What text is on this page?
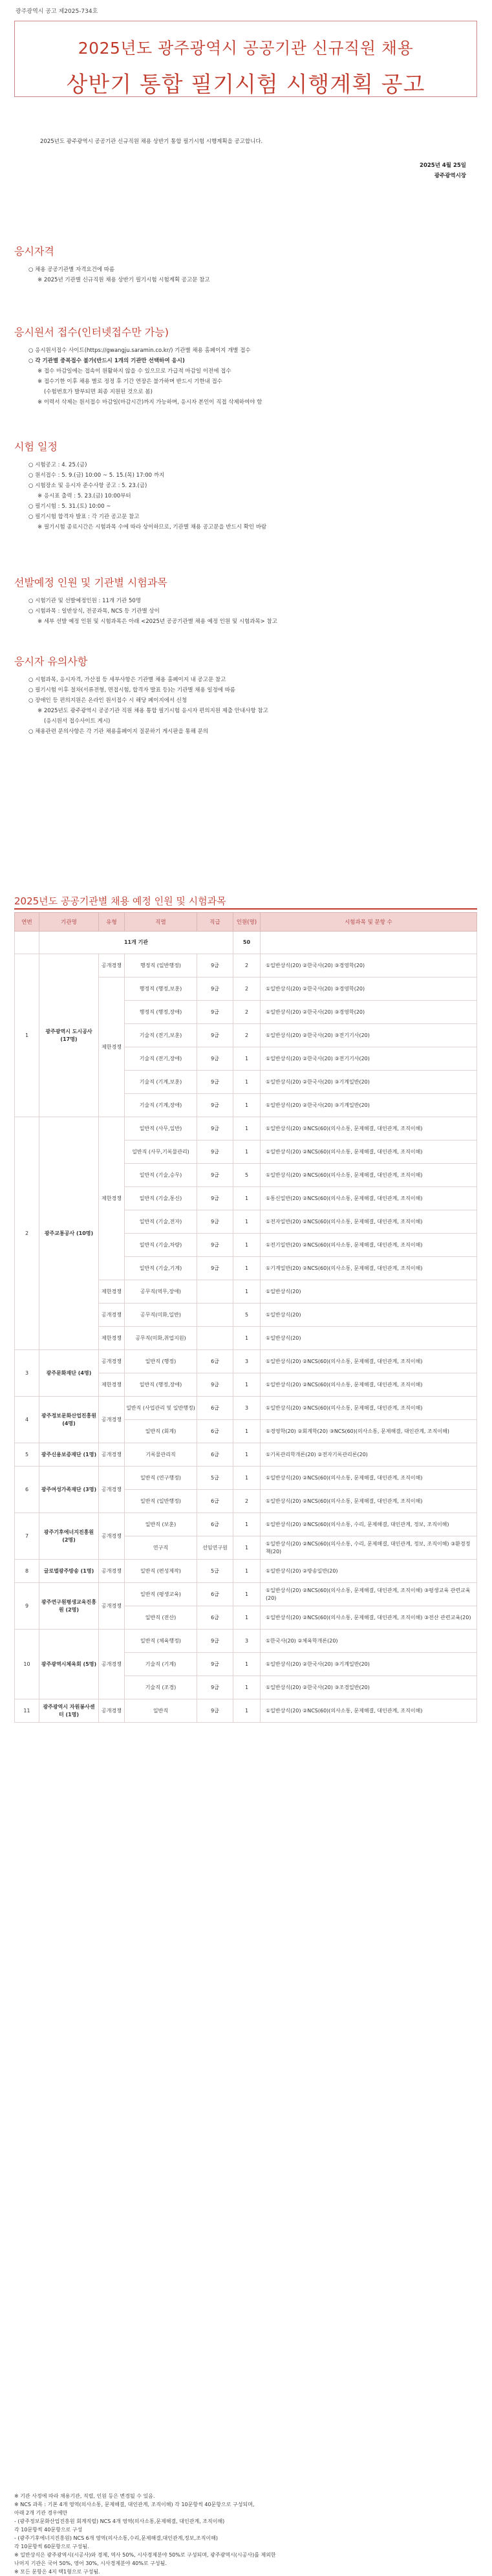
광주광역시 공고 제2025-734호
2025년도 광주광역시 공공기관 신규직원 채용
상반기 통합 필기시험 시행계획 공고
2025년도 광주광역시 공공기관 신규직원 채용 상반기 통합 필기시험 시행계획을 공고합니다.
2025년 4월 25일
광주광역시장
응시자격
○ 채용 공공기관별 자격요건에 따름
※ 2025년 기관별 신규직원 채용 상반기 필기시험 시험계획 공고문 참고
응시원서 접수(인터넷접수만 가능)
○ 응시원서접수 사이트(https://gwangju.saramin.co.kr/) 기관별 채용 홈페이지 개별 접수
○ 각 기관별 중복접수 불가(반드시 1개의 기관만 선택하여 응시)
※ 접수 마감일에는 접속이 원활하지 않을 수 있으므로 가급적 마감일 이전에 접수
※ 접수기한 이후 채용 별로 정정 후 기간 연장은 불가하며 반드시 기한내 접수
(수험번호가 발부되면 최종 지원된 것으로 봄)
※ 이력서 삭제는 원서접수 마감일(마감시간)까지 가능하며, 응시자 본인이 직접 삭제하여야 함
시험 일정
○ 시험공고 : 4. 25.(금)
○ 원서접수 : 5. 9.(금) 10:00 ~ 5. 15.(목) 17:00 까지
○ 시험장소 및 응시자 준수사항 공고 : 5. 23.(금)
※ 응시표 출력 : 5. 23.(금) 10:00부터
○ 필기시험 : 5. 31.(토) 10:00 ~
○ 필기시험 합격자 발표 : 각 기관 공고문 참고
※ 필기시험 종료시간은 시험과목 수에 따라 상이하므로, 기관별 채용 공고문을 반드시 확인 바람
선발예정 인원 및 기관별 시험과목
○ 시험기관 및 선발예정인원 : 11개 기관 50명
○ 시험과목 : 일반상식, 전공과목, NCS 등 기관별 상이
※ 세부 선발 예정 인원 및 시험과목은 아래 <2025년 공공기관별 채용 예정 인원 및 시험과목> 참고
응시자 유의사항
○ 시험과목, 응시자격, 가산점 등 세부사항은 기관별 채용 홈페이지 내 공고문 참고
○ 필기시험 이후 절차(서류전형, 면접시험, 합격자 발표 등)는 기관별 채용 일정에 따름
○ 장애인 등 편의지원은 온라인 원서접수 시 해당 페이지에서 신청
※ 2025년도 광주광역시 공공기관 직원 채용 통합 필기시험 응시자 편의지원 제출 안내사항 참고
(응시원서 접수사이트 게시)
○ 채용관련 문의사항은 각 기관 채용홈페이지 질문하기 게시판을 통해 문의
2025년도 공공기관별 채용 예정 인원 및 시험과목
연번	기관명	유형	직렬	직급	인원(명)	시험과목 및 문항 수
	11개 기관				50	
1	광주광역시 도시공사 (17명)	공개경쟁	행정직 (일반행정)	9급	2	①일반상식(20) ②한국사(20) ③경영학(20)
		제한경쟁	행정직 (행정,보훈)	9급	2	①일반상식(20) ②한국사(20) ③경영학(20)
			행정직 (행정,장애)	9급	2	①일반상식(20) ②한국사(20) ③경영학(20)
			기술직 (전기,보훈)	9급	2	①일반상식(20) ②한국사(20) ③전기기사(20)
			기술직 (전기,장애)	9급	1	①일반상식(20) ②한국사(20) ③전기기사(20)
			기술직 (기계,보훈)	9급	1	①일반상식(20) ②한국사(20) ③기계일반(20)
			기술직 (기계,장애)	9급	1	①일반상식(20) ②한국사(20) ③기계일반(20)
2	광주교통공사 (10명)	제한경쟁	일반직 (사무,일반)	9급	1	①일반상식(20) ②NCS(60)(의사소통, 문제해결, 대인관계, 조직이해)
			일반직 (사무,기록물관리)	9급	1	①일반상식(20) ②NCS(60)(의사소통, 문제해결, 대인관계, 조직이해)
			일반직 (기술,승무)	9급	5	①일반상식(20) ②NCS(60)(의사소통, 문제해결, 대인관계, 조직이해)
			일반직 (기술,통신)	9급	1	①통신일반(20) ②NCS(60)(의사소통, 문제해결, 대인관계, 조직이해)
			일반직 (기술,전자)	9급	1	①전자일반(20) ②NCS(60)(의사소통, 문제해결, 대인관계, 조직이해)
			일반직 (기술,차량)	9급	1	①전기일반(20) ②NCS(60)(의사소통, 문제해결, 대인관계, 조직이해)
			일반직 (기술,기계)	9급	1	①기계일반(20) ②NCS(60)(의사소통, 문제해결, 대인관계, 조직이해)
		제한경쟁	공무직(역무,장애)		1	①일반상식(20)
		공개경쟁	공무직(미화,일반)		5	①일반상식(20)
		제한경쟁	공무직(미화,취업지원)		1	①일반상식(20)
3	광주문화재단 (4명)	공개경쟁	일반직 (행정)	6급	3	①일반상식(20) ②NCS(60)(의사소통, 문제해결, 대인관계, 조직이해)
		제한경쟁	일반직 (행정,장애)	9급	1	①일반상식(20) ②NCS(60)(의사소통, 문제해결, 대인관계, 조직이해)
4	광주정보문화산업진흥원 (4명)	공개경쟁	일반직 (사업관리 및 일반행정)	6급	3	①일반상식(20) ②NCS(60)(의사소통, 문제해결, 대인관계, 조직이해)
			일반직 (회계)	6급	1	①경영학(20) ②회계학(20) ③NCS(60)(의사소통, 문제해결, 대인관계, 조직이해)
5	광주신용보증재단 (1명)	공개경쟁	기록물관리직	6급	1	①기록관리학개론(20) ②전자기록관리론(20)
6	광주여성가족재단 (3명)	공개경쟁	일반직 (연구행정)	5급	1	①일반상식(20) ②NCS(60)(의사소통, 문제해결, 대인관계, 조직이해)
			일반직 (일반행정)	6급	2	①일반상식(20) ②NCS(60)(의사소통, 문제해결, 대인관계, 조직이해)
7	광주기후에너지진흥원 (2명)	공개경쟁	일반직 (보훈)	6급	1	①일반상식(20) ②NCS(60)(의사소통, 수리, 문제해결, 대인관계, 정보, 조직이해)
			연구직	선임연구원	1	①일반상식(20) ②NCS(60)(의사소통, 수리, 문제해결, 대인관계, 정보, 조직이해) ③환경정책(20)
8	글로벌광주방송 (1명)	공개경쟁	일반직 (편성제작)	5급	1	①일반상식(20) ②방송일반(20)
9	광주연구원평생교육진흥원 (2명)	공개경쟁	일반직 (평생교육)	6급	1	①일반상식(20) ②NCS(60)(의사소통, 문제해결, 대인관계, 조직이해) ③평생교육 관련교육(20)
			일반직 (전산)	6급	1	①일반상식(20) ②NCS(60)(의사소통, 문제해결, 대인관계, 조직이해) ③전산 관련교육(20)
10	광주광역시체육회 (5명)	공개경쟁	일반직 (체육행정)	9급	3	①한국사(20) ②체육학개론(20)
			기술직 (기계)	9급	1	①일반상식(20) ②한국사(20) ③기계일반(20)
			기술직 (조경)	9급	1	①일반상식(20) ②한국사(20) ③조경일반(20)
11	광주광역시 자원봉사센터 (1명)	공개경쟁	일반직	9급	1	①일반상식(20) ②NCS(60)(의사소통, 문제해결, 대인관계, 조직이해)
※ 기관 사정에 따라 채용기관, 직렬, 인원 등은 변경될 수 있음.
※ NCS 과목 : 기본 4개 영역(의사소통, 문제해결, 대인관계, 조직이해) 각 10문항씩 40문항으로 구성되며,
아래 2개 기관 경우에만
- (광주정보문화산업진흥원 회계직렬) NCS 4개 영역(의사소통,문제해결, 대인관계, 조직이해)
각 10문항씩 40문항으로 구성
- (광주기후에너지진흥원) NCS 6개 영역(의사소통,수리,문제해결,대인관계,정보,조직이해)
각 10문항씩 60문항으로 구성됨.
※ 일반상식은 광주광역시(시공사)와 경제, 역사 50%, 시사경제분야 50%로 구성되며, 광주광역시(시공사)를 제외한
나머지 기관은 국어 50%, 영어 30%, 시사경제분야 40%로 구성됨.
※ 모든 문항은 4지 택1형으로 구성됨.
